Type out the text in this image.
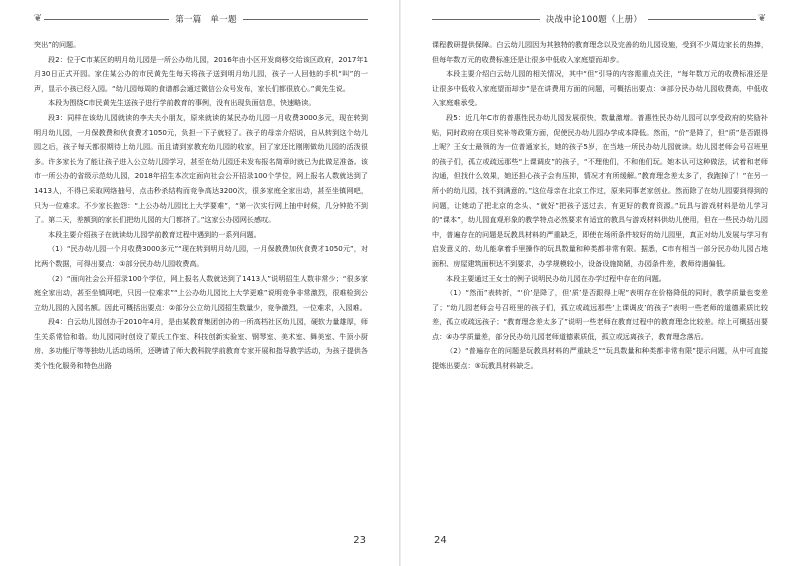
❦	第一篇　单一题

突出”的问题。

段2：位于C市某区的明月幼儿园是一所公办幼儿园，2016年由小区开发商移交给该区政府，2017年1月30日正式开园。家住某公办的市民黄先生每天将孩子送到明月幼儿园，孩子一人回他的手机“叫”的一声，显示小孩已经入园。“幼儿园每周的食谱都会通过微信公众号发布，家长们都很放心。”黄先生说。

本段为围绕C市民黄先生送孩子进行学前教育的事例，没有出现负面信息，快速略读。

段3：同样在该幼儿园就读的李夫夫小朋友，原来就读的某民办幼儿园一月收费3000多元，现在转到明月幼儿园，一月保教费和伙食费才1050元，负担一下子就轻了。孩子的母亲介绍说，自从转到这个幼儿园之后，孩子每天都很期待上幼儿园。而且请到家教充幼儿园的收家，回了家还比刚刚做幼儿园的活泼很多。许多家长为了能让孩子进入公立幼儿园学习，甚至在幼儿园还未发布报名简章时就已为此做足准备。该市一所公办的省级示范幼儿园，2018年招生本次定面向社会公开招录100个学位，网上报名人数就达到了1413人，不得已采取网络抽号，点击秒杀结构而竞争高达3200次，很多家庭全家出动，甚至坐镇网吧，只为一位难求。不少家长抱怨：“上公办幼儿园比上大学要难”，“第一次实行网上抽中时候，几分钟抢不到了。第二天，差额到的家长们把幼儿园的大门都挤了。”这家公办园网长感叹。

本段主要介绍孩子在就读幼儿园学前教育过程中遇到的一系列问题。

（1）“民办幼儿园一个月收费3000多元”“现在转到明月幼儿园，一月保教费加伙食费才1050元”，对比两个数据，可得出要点：①部分民办幼儿园收费高。

（2）“面向社会公开招录100个学位，网上报名人数就达到了1413人”说明招生人数非常少；“很多家庭全家出动，甚至坐镇网吧，只因一位难求”“上公办幼儿园比上大学更难”说明竞争非常激烈，很难检到公立幼儿园的入园名额。因此可概括出要点：②部分公立幼儿园招生数量少，竞争激烈，一位难求，入园难。

段4：白云幼儿园创办于2010年4月，是由某教育集团创办的一所高档社区幼儿园，硬软力量雄厚，师生关系常恰和谐。幼儿园同时创设了蒙氏工作室、科技创新实验室、钢琴室、美术室、舞美室、牛顶小厨房、多功能厅等等独幼儿活动场所，还聘请了师大教科院学前教育专家开展和指导教学活动，为孩子提供各类个性化服务和特色出路

23
决战申论100题（上册）	❦

课程教研提供保障。白云幼儿园因为其独特的教育理念以及完善的幼儿园设施，受到不少周边家长的热捧，但每年数万元的收费标准还是让很多中低收入家庭望而却步。

本段主要介绍白云幼儿园的相关情况，其中“但”引导的内容需重点关注，“每年数万元的收费标准还是让很多中低收入家庭望而却步”是在讲费用方面的问题，可概括出要点：③部分民办幼儿园收费高，中低收入家庭难承受。

段5：近几年C市的普惠性民办幼儿园发展很快，数量激增。普惠性民办幼儿园可以享受政府的奖励补贴，同时政府在项目奖补等政策方面，促使民办幼儿园办学成本降低。然而，“价”是降了，但“质”是否跟得上呢？王女士最领的为一位普通家长，她的孩子5岁，在当地一所民办幼儿园就读。幼儿园老师会号召班里的孩子们，孤立或疏远那些“上课调皮”的孩子，“不理他们，不和他们玩。她本认可这种做法，试着和老师沟通，但找什么效果，她还担心孩子会有压抑，情况才有所缓解。”教育理念差太多了，我跑掉了！”在另一所小的幼儿园，找不到满意的。”这位母亲在北京工作过，原来同事老家创业。然而除了在幼儿园要到得到的问题，让她动了把北京的念头、“就好”把孩子送过去，有更好的教育资源。”玩具与游戏材料是幼儿学习的“课本”，幼儿园直观形象的教学特点必然要求有适宜的教具与游戏材料供幼儿使用，但在一些民办幼儿园中，普遍存在的问题是玩教具材料的严重缺乏，即使在场所条件较好的幼儿园里，真正对幼儿发展与学习有启发意义的、幼儿能拿着手里操作的玩具数量和种类都非常有限。据悉，C市有相当一部分民办幼儿园占地面积、房屋建筑面积达不到要求，办学规模较小，设备设施简陋，办园条件差，教师待遇偏低。

本段主要通过王女士的例子说明民办幼儿园在办学过程中存在的问题。

（1）“然而”表转折，“‘价’是降了，但‘质’是否跟得上呢”表明存在价格降低的同时，教学质量也变差了；“幼儿园老师会号召班里的孩子们，孤立或疏远那些‘上课调皮’的孩子”表明一些老师的道德素质比较差，孤立或疏远孩子；“教育理念差太多了”说明一些老师在教育过程中的教育理念比较差。综上可概括出要点：④办学质量差，部分民办幼儿园老师道德素质低，孤立或远离孩子，教育理念落后。

（2）“普遍存在的问题是玩教具材料的严重缺乏”“玩具数量和种类都非常有限”提示问题，从中可直接提炼出要点：⑤玩教具材料缺乏。

24
